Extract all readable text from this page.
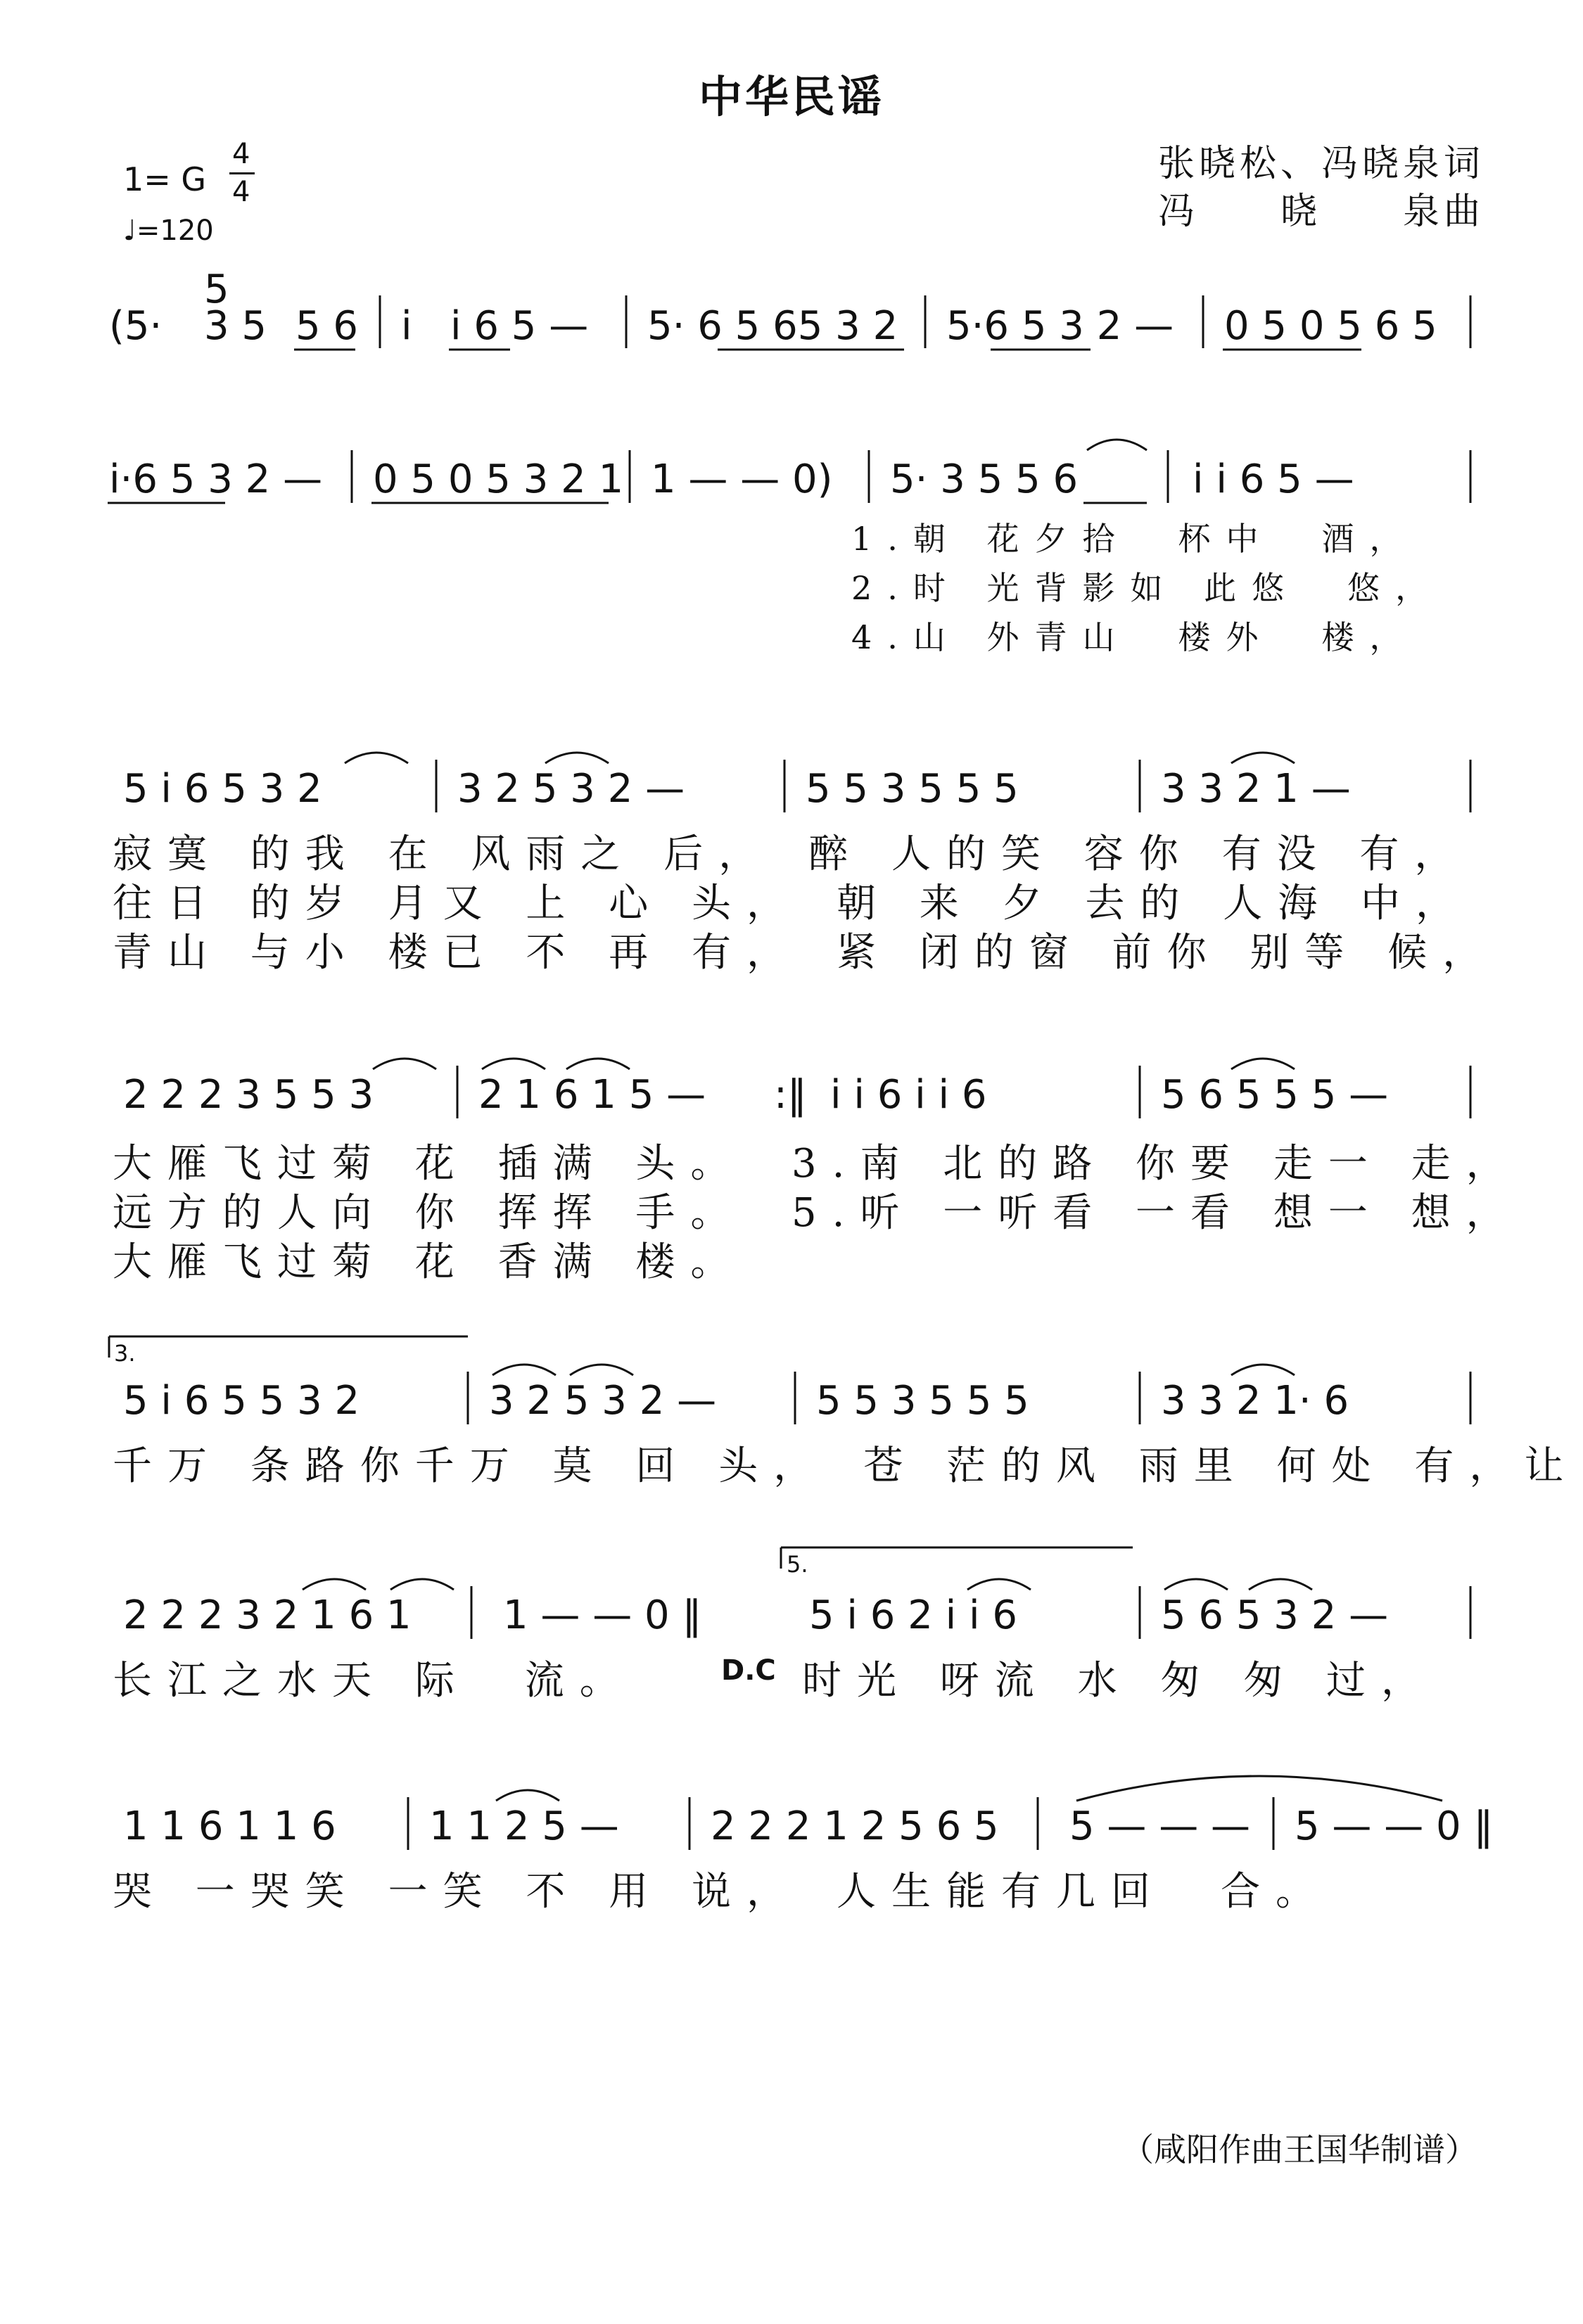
中华民谣
1= G
4
4
♩=120
张晓松、冯晓泉词
冯　　晓　　泉曲
(5·
5
3 5 5 6 i i 6 5 — 5· 6 5 65 3 2 5·6 5 3 2 — 0 5 0 5 6 5
i·6 5 3 2 — 0 5 0 5 3 2 1 1 — — 0) 5· 3 5 5 6	i i 6 5 —
5 i 6 5 3 2	3 2 5 3 2 —	5 5 3 5 5 5	3 3 2 1 —
2 2 2 3 5 5 3	2 1 6 1 5 — :‖ i i 6 i i 6	5 6 5 5 5 —
5 i 6 5 5 3 2	3 2 5 3 2 —	5 5 3 5 5 5	3 3 2 1· 6
2 2 2 3 2 1 6 1 1 — — 0 ‖	5 i 6 2 i i 6	5 6 5 3 2 —
1 1 6 1 1 6 1 1 2 5 — 2 2 2 1 2 5 6 5 5 — — — 5 — — 0 ‖
1.朝 花夕拾　杯中　酒，
2.时 光背影如 此悠　悠，
4.山 外青山　楼外　楼，
寂寞 的我 在 风雨之 后，　醉 人的笑 容你 有没 有，
往日 的岁 月又 上 心 头，　朝 来 夕 去的 人海 中，
青山 与小 楼已 不 再 有，　紧 闭的窗 前你 别等 候，
大雁飞过菊 花 插满 头。
远方的人向 你 挥挥 手。
大雁飞过菊 花 香满 楼。
3.南 北的路 你要 走一 走，
5.听 一听看 一看 想一 想，
3.
千万 条路你千万 莫 回 头，　苍 茫的风 雨里 何处 有，让
5.
长江之水天 际　流。	D.C 时光 呀流 水 匆 匆 过，
哭 一哭笑 一笑 不 用 说，　人生能有几回　合。
（咸阳作曲王国华制谱）
